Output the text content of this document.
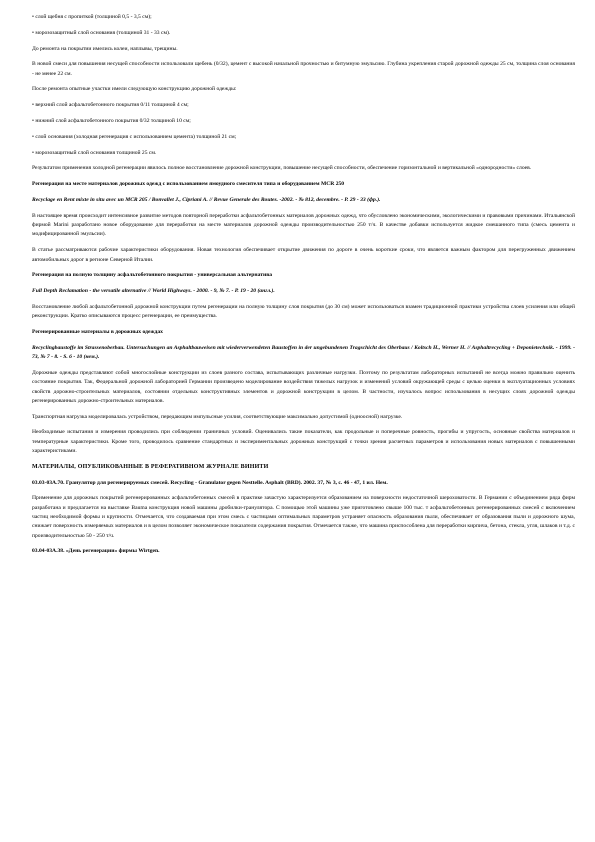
• слой щебня с пропиткой (толщиной 0,5 - 3,5 см);

• морозозащитный слой основания (толщиной 31 - 33 см).

До ремонта на покрытии имелись колеи, наплывы, трещины.

В новой смеси для повышения несущей способности использовали щебень (0/32), цемент с высокой начальной прочностью и битумную эмульсию. Глубина укрепления старой дорожной одежды 25 см, толщина слоя основания - не менее 22 см.

После ремонта опытные участки имели следующую конструкцию дорожной одежды:

• верхний слой асфальтобетонного покрытия 0/11 толщиной 4 см;

• нижний слой асфальтобетонного покрытия 0/32 толщиной 10 см;

• слой основания (холодная регенерация с использованием цемента) толщиной 21 см;

• морозозащитный слой основания толщиной 25 см.

Результатом применения холодной регенерации явилось полное восстановление дорожной конструкции, повышение несущей способности, обеспечение горизонтальной и вертикальной «однородности» слоев.

Регенерация на месте материалов дорожных одежд с использованием ямоудного смесителя типа и оборудованием MCR 250

Recyclage en Rent mixte in situ avec un MCR 205 / Bonvallet J., Cipriani A. // Revue Generale des Routes. -2002. - № 812, decembre. - P. 29 - 33 (фр.).

В настоящее время происходит интенсивное развитие методов повторной переработки асфальтобетонных материалов дорожных одежд, что обусловлено экономическими, экологическими и правовыми причинами. Итальянской фирмой Marini разработано новое оборудование для переработки на месте материалов дорожной одежды производительностью 250 т/ч. В качестве добавки используется жидкое смешанного типа (смесь цемента и модифицированной эмульсии).

В статье рассматриваются рабочие характеристики оборудования. Новая технология обеспечивает открытие движения по дороге в очень короткие сроки, что является важным фактором для перегруженных движением автомобильных дорог в регионе Северной Италии.

Регенерация на полную толщину асфальтобетонного покрытия - универсальная альтернатива

Full Depth Reclamation - the versatile alternative // World Highways. - 2000. - 9, № 7. - P. 19 - 20 (англ.).

Восстановление любой асфальтобетонной дорожной конструкции путем регенерации на полную толщину слоя покрытия (до 30 см) может использоваться взамен традиционной практики устройства слоев усиления или общей реконструкции. Кратко описываются процесс регенерации, ее преимущества.

Регенерированные материалы в дорожных одеждах

Recyclingbaustoffe im Strassenoberbau. Untersuchungen an Asphaltbauweisen mit wiederverwendeten Baustoffen in der ungebundenen Tragschicht des Oberbaus / Koltsch H., Werner H. // Asphaltrecycling + Deponietechnik. - 1999. - 73, № 7 - 8. - S. 6 - 10 (нем.).

Дорожные одежды представляют собой многослойные конструкции из слоев разного состава, испытывающих различные нагрузки. Поэтому по результатам лабораторных испытаний не всегда можно правильно оценить состояние покрытия. Так, Федеральной дорожной лабораторией Германии произведено моделирование воздействия тяжелых нагрузок и изменений условий окружающей среды с целью оценки в эксплуатационных условиях свойств дорожно-строительных материалов, состоянии отдельных конструктивных элементов и дорожной конструкции в целом. В частности, изучалось вопрос использования в несущих слоях дорожной одежды регенерированных дорожно-строительных материалов.

Транспортная нагрузка моделировалась устройством, передающим импульсные усилия, соответствующие максимально допустимой (одноосной) нагрузке.

Необходимые испытания и измерения проводились при соблюдении граничных условий. Оценивались такие показатели, как продольные и поперечные ровность, прогибы и упругость, основные свойства материалов и температурные характеристики. Кроме того, проводилось сравнение стандартных и экспериментальных дорожных конструкций с точки зрения расчетных параметров и использования новых материалов с повышенными характеристиками.

МАТЕРИАЛЫ, ОПУБЛИКОВАННЫЕ В РЕФЕРАТИВНОМ ЖУРНАЛЕ ВИНИТИ

03.03-03А.70. Гранулятор для регенерируемых смесей. Recycling - Granulator gegen Nesttelle. Asphalt (BRD). 2002. 37, № 3, с. 46 - 47, 1 ил. Нем.

Применение для дорожных покрытий регенерированных асфальтобетонных смесей в практике зачастую характеризуется образованием на поверхности недостаточной шероховатости. В Германии с объединением ряда фирм разработана и предлагается на выставке Bauma конструкция новой машины дробилки-гранулятора. С помощью этой машины уже приготовлено свыше 100 тыс. т асфальтобетонных регенерированных смесей с включением частиц необходимой формы и крупности. Отмечается, что создаваемая при этом смесь с частицами оптимальных параметров устраняет опасность образования пыли, обеспечивает от образования пыли и дорожного шума, снижает поверхность измеряемых материалов и в целом позволяет экономическое показатели содержания покрытия. Отмечается также, что машина приспособлена для переработки кирпича, бетона, стекла, угля, шлаков и т.д. с производительностью 50 - 250 т/ч.

03.04-03А.38. «День регенерации» фирмы Wirtgen.
